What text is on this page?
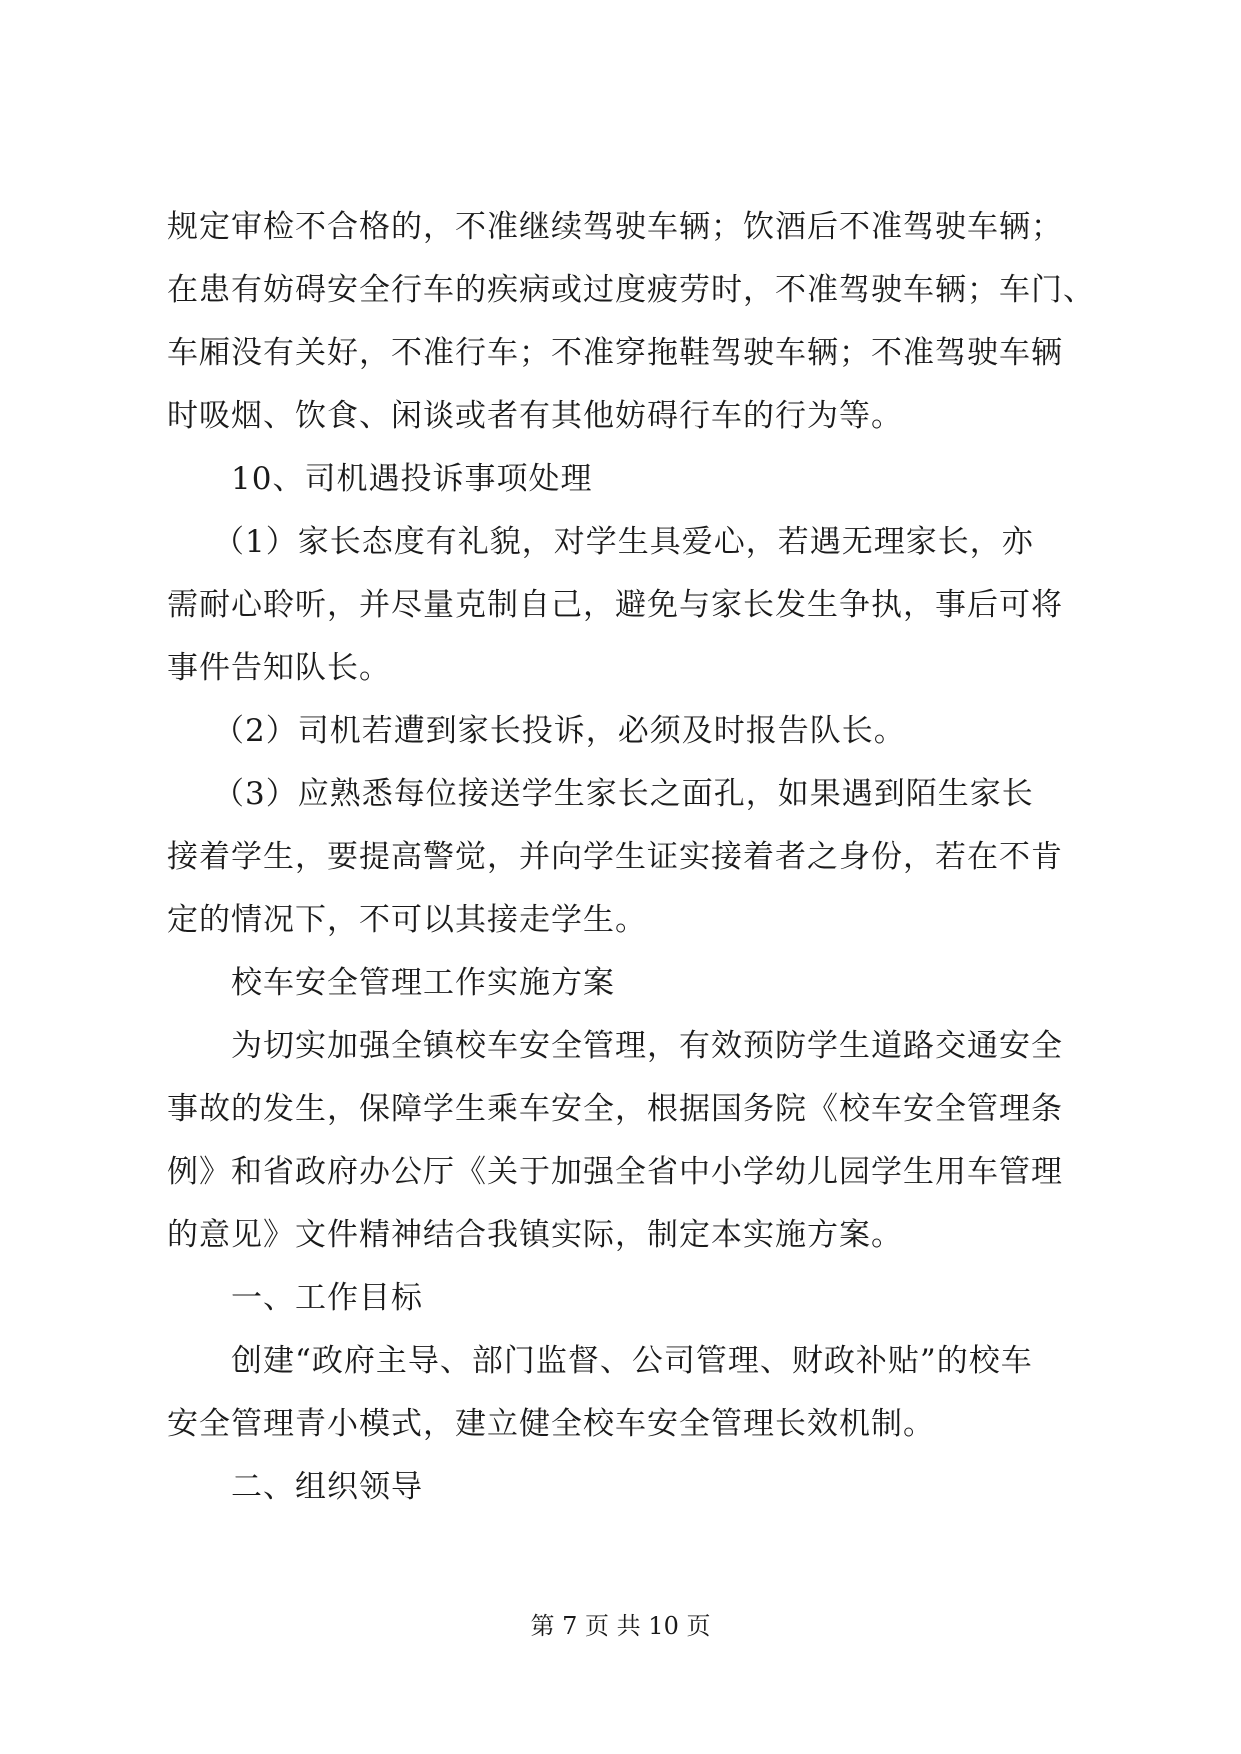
规定审检不合格的，不准继续驾驶车辆；饮酒后不准驾驶车辆；
在患有妨碍安全行车的疾病或过度疲劳时，不准驾驶车辆；车门、
车厢没有关好，不准行车；不准穿拖鞋驾驶车辆；不准驾驶车辆
时吸烟、饮食、闲谈或者有其他妨碍行车的行为等。
10、司机遇投诉事项处理
（1）家长态度有礼貌，对学生具爱心，若遇无理家长，亦
需耐心聆听，并尽量克制自己，避免与家长发生争执，事后可将
事件告知队长。
（2）司机若遭到家长投诉，必须及时报告队长。
（3）应熟悉每位接送学生家长之面孔，如果遇到陌生家长
接着学生，要提高警觉，并向学生证实接着者之身份，若在不肯
定的情况下，不可以其接走学生。
校车安全管理工作实施方案
为切实加强全镇校车安全管理，有效预防学生道路交通安全
事故的发生，保障学生乘车安全，根据国务院《校车安全管理条
例》和省政府办公厅《关于加强全省中小学幼儿园学生用车管理
的意见》文件精神结合我镇实际，制定本实施方案。
一、工作目标
创建“政府主导、部门监督、公司管理、财政补贴”的校车
安全管理青小模式，建立健全校车安全管理长效机制。
二、组织领导
第 7 页 共 10 页
